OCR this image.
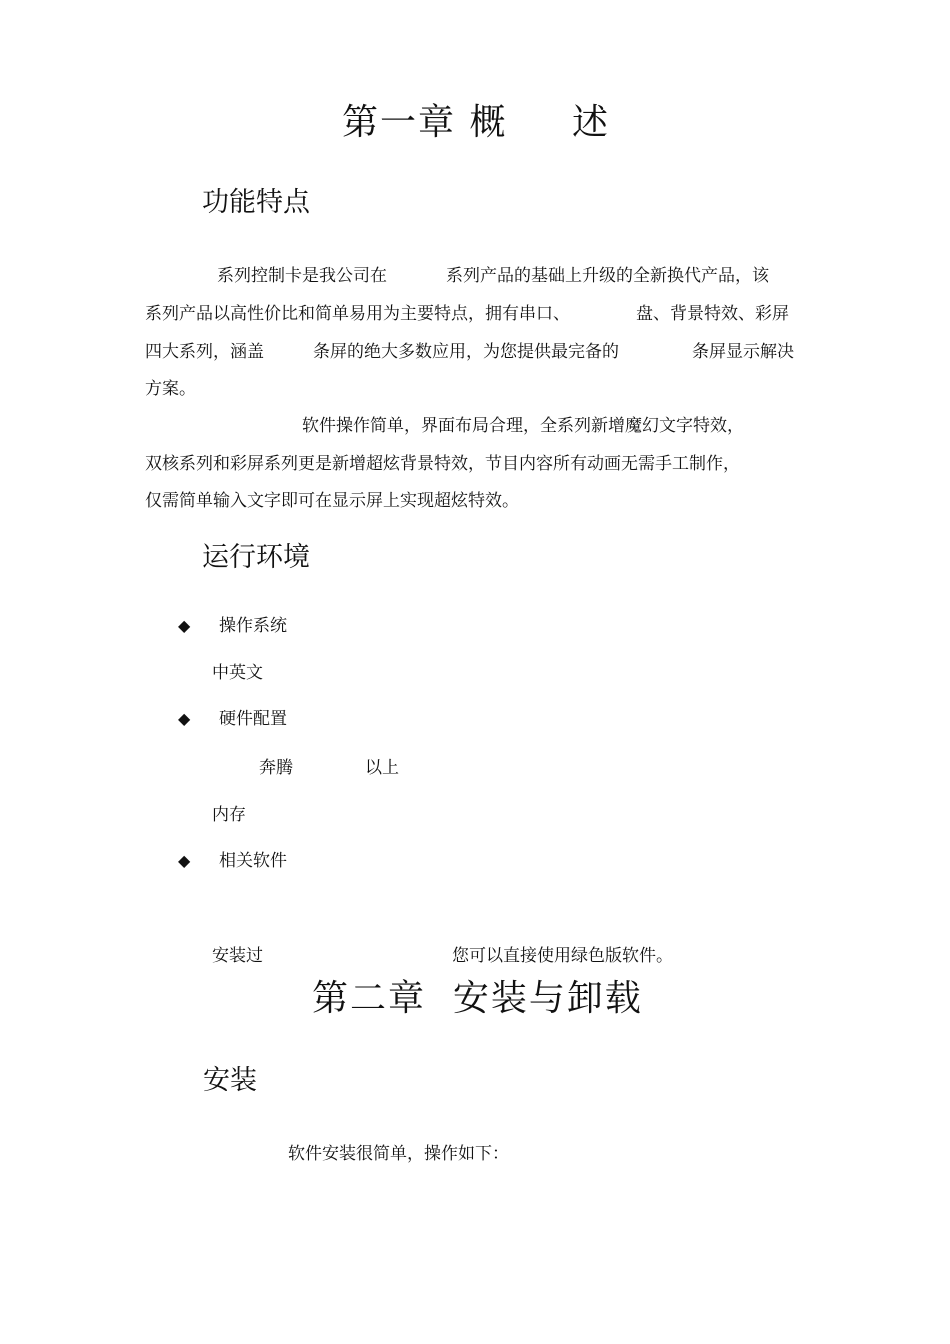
第一章 概 述
功能特点
系列控制卡是我公司在	系列产品的基础上升级的全新换代产品，该
系列产品以高性价比和简单易用为主要特点，拥有串口、	盘、背景特效、彩屏
四大系列，涵盖	条屏的绝大多数应用，为您提供最完备的	条屏显示解决
方案。
软件操作简单，界面布局合理，全系列新增魔幻文字特效，
双核系列和彩屏系列更是新增超炫背景特效，节目内容所有动画无需手工制作，
仅需简单输入文字即可在显示屏上实现超炫特效。
运行环境
◆ 操作系统
中英文
◆ 硬件配置
奔腾	以上
内存
◆ 相关软件
安装过	您可以直接使用绿色版软件。
第二章  安装与卸载
安装
软件安装很简单，操作如下：
